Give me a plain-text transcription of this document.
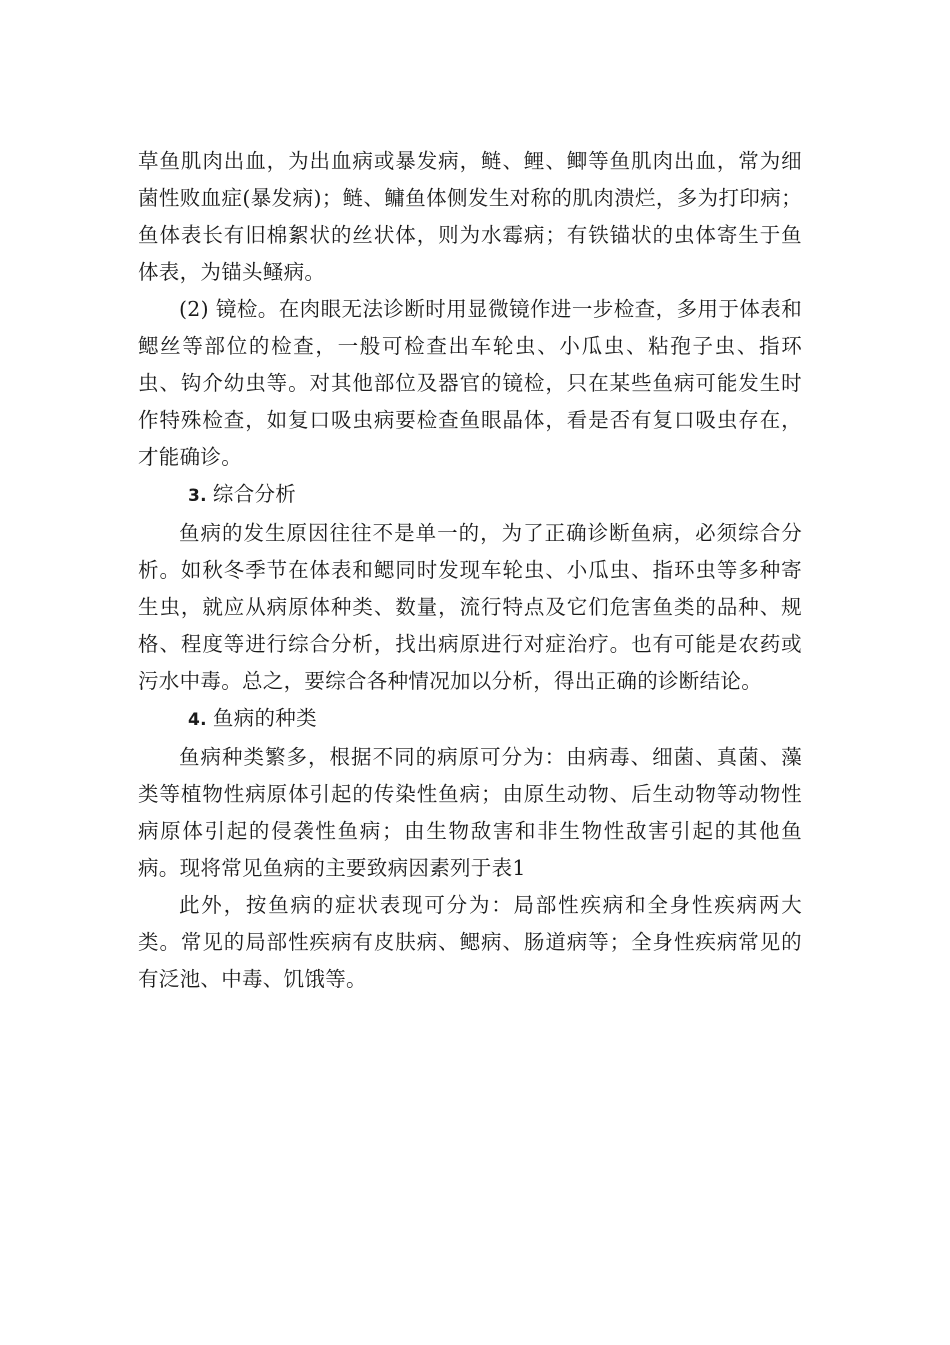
草鱼肌肉出血，为出血病或暴发病，鲢、鲤、鲫等鱼肌肉出血，常为细菌性败血症(暴发病)；鲢、鳙鱼体侧发生对称的肌肉溃烂，多为打印病；鱼体表长有旧棉絮状的丝状体，则为水霉病；有铁锚状的虫体寄生于鱼体表，为锚头鳋病。

(2) 镜检。在肉眼无法诊断时用显微镜作进一步检查，多用于体表和鳃丝等部位的检查，一般可检查出车轮虫、小瓜虫、粘孢子虫、指环虫、钩介幼虫等。对其他部位及器官的镜检，只在某些鱼病可能发生时作特殊检查，如复口吸虫病要检查鱼眼晶体，看是否有复口吸虫存在，才能确诊。

3. 综合分析

鱼病的发生原因往往不是单一的，为了正确诊断鱼病，必须综合分析。如秋冬季节在体表和鳃同时发现车轮虫、小瓜虫、指环虫等多种寄生虫，就应从病原体种类、数量，流行特点及它们危害鱼类的品种、规格、程度等进行综合分析，找出病原进行对症治疗。也有可能是农药或污水中毒。总之，要综合各种情况加以分析，得出正确的诊断结论。

4. 鱼病的种类

鱼病种类繁多，根据不同的病原可分为：由病毒、细菌、真菌、藻类等植物性病原体引起的传染性鱼病；由原生动物、后生动物等动物性病原体引起的侵袭性鱼病；由生物敌害和非生物性敌害引起的其他鱼病。现将常见鱼病的主要致病因素列于表1

此外，按鱼病的症状表现可分为：局部性疾病和全身性疾病两大类。常见的局部性疾病有皮肤病、鳃病、肠道病等；全身性疾病常见的有泛池、中毒、饥饿等。
